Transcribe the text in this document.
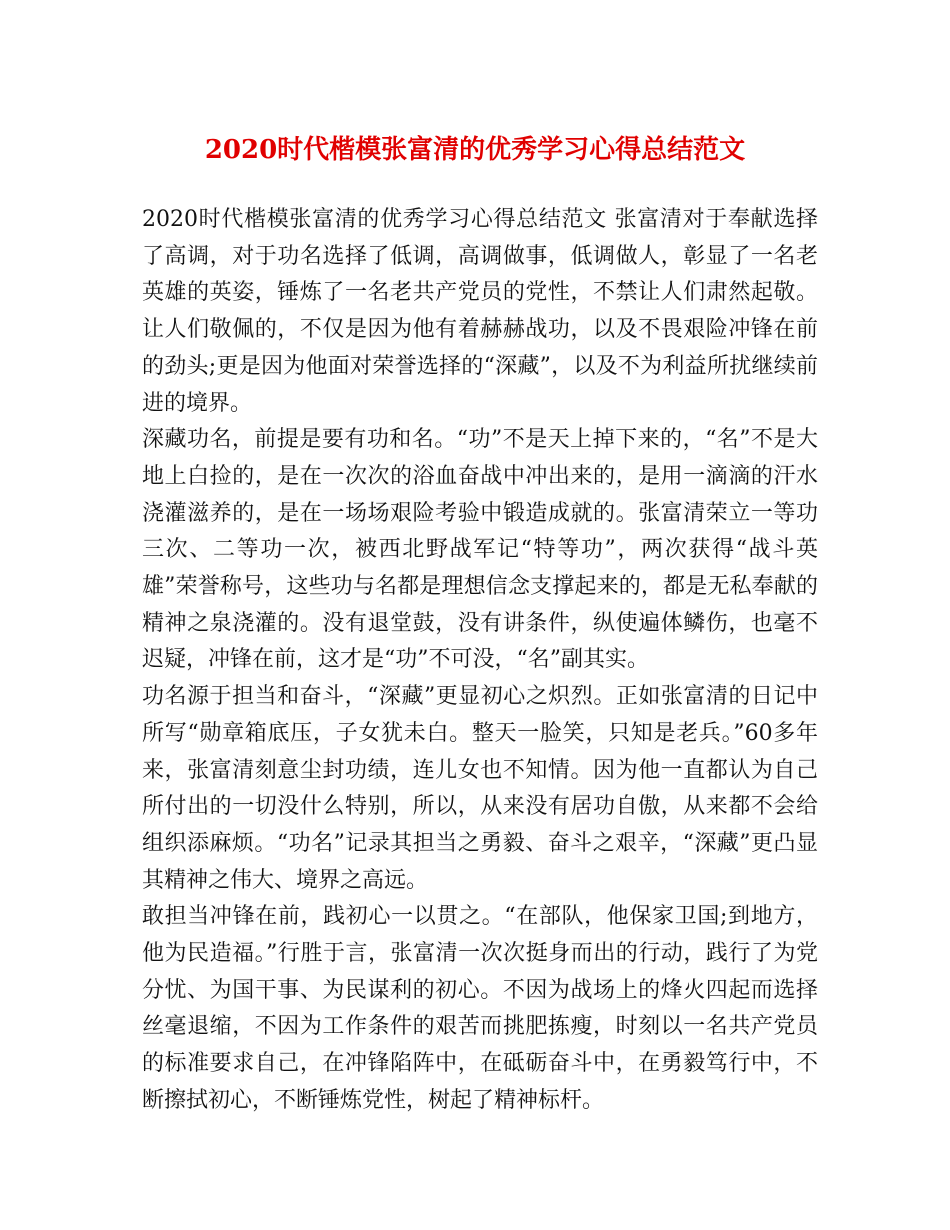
2020时代楷模张富清的优秀学习心得总结范文

2020时代楷模张富清的优秀学习心得总结范文 张富清对于奉献选择了高调，对于功名选择了低调，高调做事，低调做人，彰显了一名老英雄的英姿，锤炼了一名老共产党员的党性，不禁让人们肃然起敬。让人们敬佩的，不仅是因为他有着赫赫战功，以及不畏艰险冲锋在前的劲头;更是因为他面对荣誉选择的“深藏”，以及不为利益所扰继续前进的境界。

深藏功名，前提是要有功和名。“功”不是天上掉下来的，“名”不是大地上白捡的，是在一次次的浴血奋战中冲出来的，是用一滴滴的汗水浇灌滋养的，是在一场场艰险考验中锻造成就的。张富清荣立一等功三次、二等功一次，被西北野战军记“特等功”，两次获得“战斗英雄”荣誉称号，这些功与名都是理想信念支撑起来的，都是无私奉献的精神之泉浇灌的。没有退堂鼓，没有讲条件，纵使遍体鳞伤，也毫不迟疑，冲锋在前，这才是“功”不可没，“名”副其实。

功名源于担当和奋斗，“深藏”更显初心之炽烈。正如张富清的日记中所写“勋章箱底压，子女犹未白。整天一脸笑，只知是老兵。”60多年来，张富清刻意尘封功绩，连儿女也不知情。因为他一直都认为自己所付出的一切没什么特别，所以，从来没有居功自傲，从来都不会给组织添麻烦。“功名”记录其担当之勇毅、奋斗之艰辛，“深藏”更凸显其精神之伟大、境界之高远。

敢担当冲锋在前，践初心一以贯之。“在部队，他保家卫国;到地方，他为民造福。”行胜于言，张富清一次次挺身而出的行动，践行了为党分忧、为国干事、为民谋利的初心。不因为战场上的烽火四起而选择丝毫退缩，不因为工作条件的艰苦而挑肥拣瘦，时刻以一名共产党员的标准要求自己，在冲锋陷阵中，在砥砺奋斗中，在勇毅笃行中，不断擦拭初心，不断锤炼党性，树起了精神标杆。
